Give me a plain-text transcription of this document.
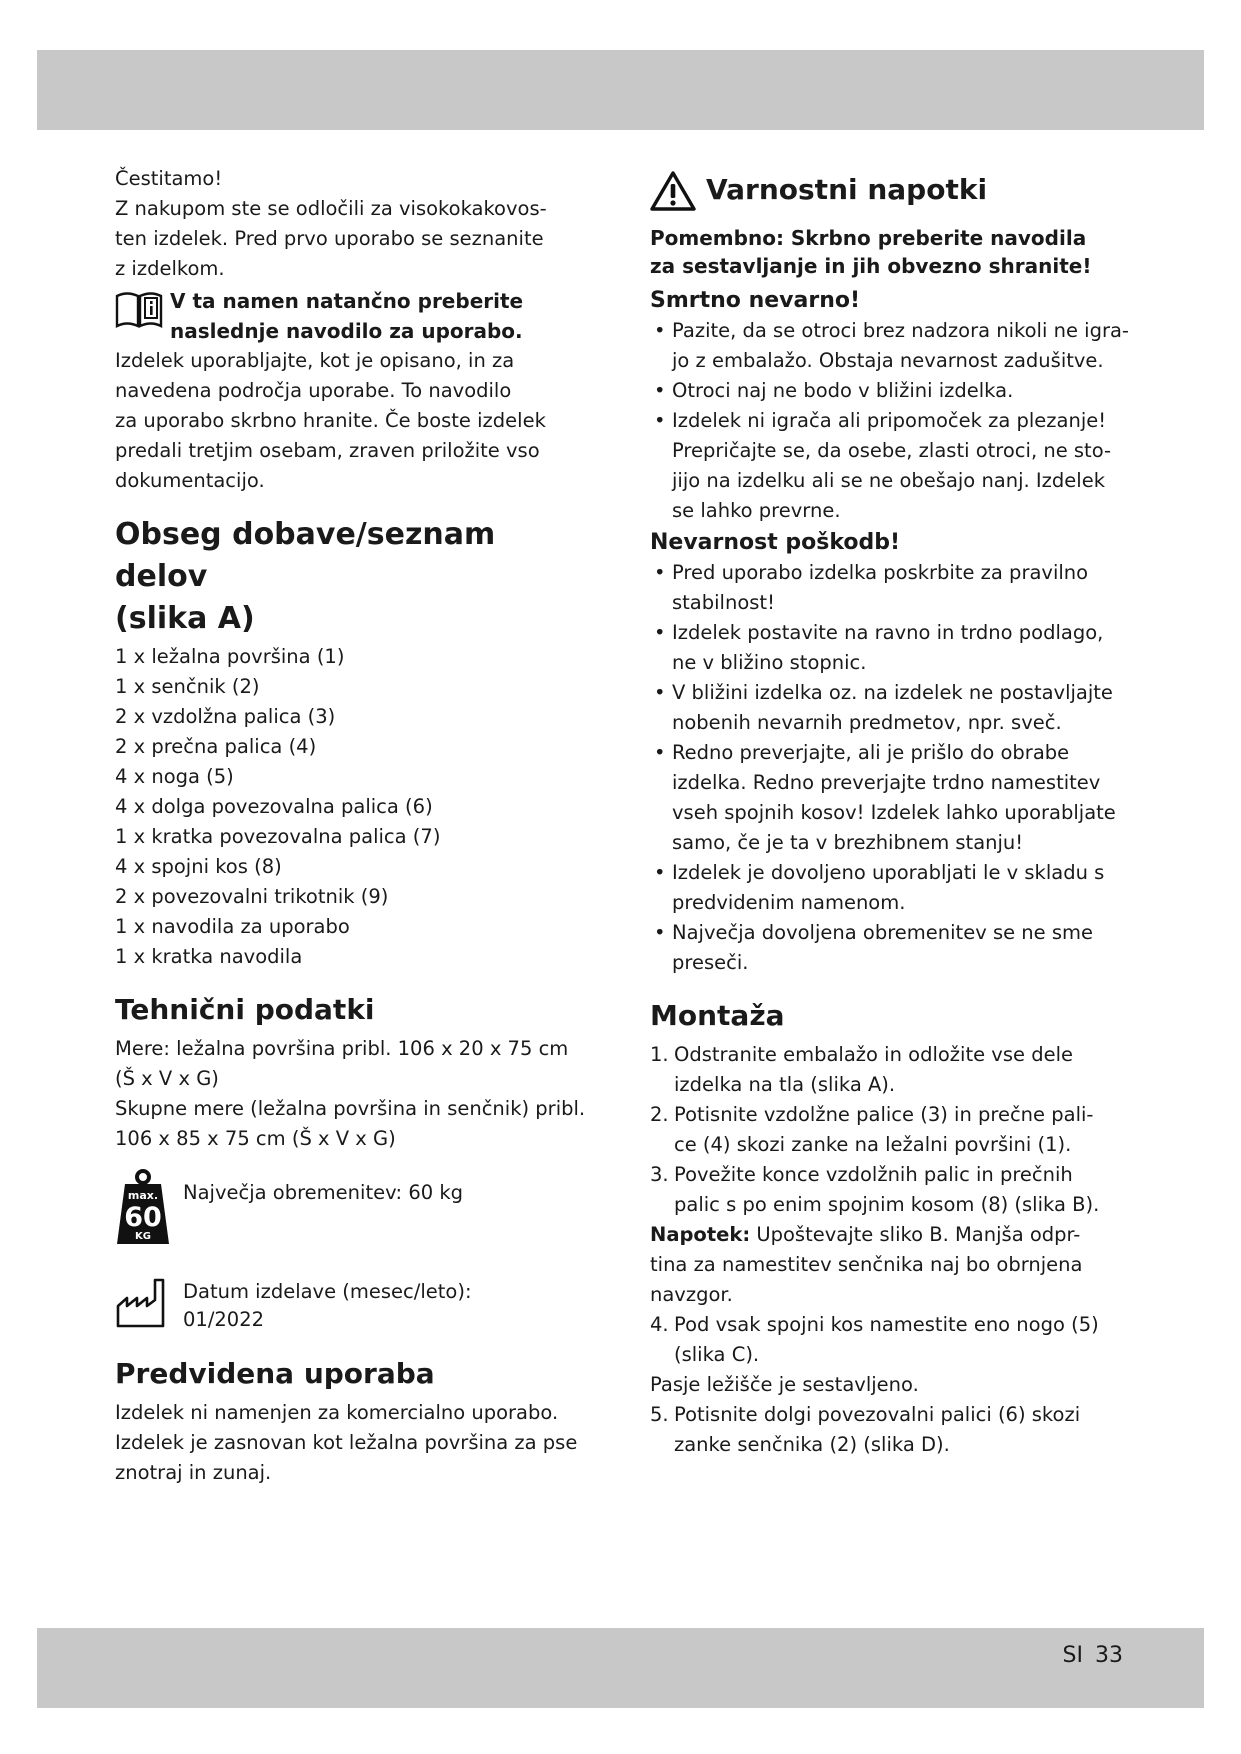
Čestitamo!

Z nakupom ste se odločili za visokokakovos-

ten izdelek. Pred prvo uporabo se seznanite

z izdelkom.

V ta namen natančno preberite

naslednje navodilo za uporabo.

Izdelek uporabljajte, kot je opisano, in za

navedena področja uporabe. To navodilo

za uporabo skrbno hranite. Če boste izdelek

predali tretjim osebam, zraven priložite vso

dokumentacijo.

Obseg dobave/seznam delov
(slika A)
1 x ležalna površina (1)
1 x senčnik (2)
2 x vzdolžna palica (3)
2 x prečna palica (4)
4 x noga (5)
4 x dolga povezovalna palica (6)
1 x kratka povezovalna palica (7)
4 x spojni kos (8)
2 x povezovalni trikotnik (9)
1 x navodila za uporabo
1 x kratka navodila
Tehnični podatki

Mere: ležalna površina pribl. 106 x 20 x 75 cm

(Š x V x G)

Skupne mere (ležalna površina in senčnik) pribl.

106 x 85 x 75 cm (Š x V x G)

max.
60
KG

Največja obremenitev: 60 kg

Datum izdelave (mesec/leto):

01/2022

Predvidena uporaba

Izdelek ni namenjen za komercialno uporabo.

Izdelek je zasnovan kot ležalna površina za pse

znotraj in zunaj.

Varnostni napotki

Pomembno: Skrbno preberite navodila

za sestavljanje in jih obvezno shranite!

Smrtno nevarno!
• Pazite, da se otroci brez nadzora nikoli ne igra-
jo z embalažo. Obstaja nevarnost zadušitve.
• Otroci naj ne bodo v bližini izdelka.
• Izdelek ni igrača ali pripomoček za plezanje!
Prepričajte se, da osebe, zlasti otroci, ne sto-
jijo na izdelku ali se ne obešajo nanj. Izdelek
se lahko prevrne.
Nevarnost poškodb!
• Pred uporabo izdelka poskrbite za pravilno
stabilnost!
• Izdelek postavite na ravno in trdno podlago,
ne v bližino stopnic.
• V bližini izdelka oz. na izdelek ne postavljajte
nobenih nevarnih predmetov, npr. sveč.
• Redno preverjajte, ali je prišlo do obrabe
izdelka. Redno preverjajte trdno namestitev
vseh spojnih kosov! Izdelek lahko uporabljate
samo, če je ta v brezhibnem stanju!
• Izdelek je dovoljeno uporabljati le v skladu s
predvidenim namenom.
• Največja dovoljena obremenitev se ne sme
preseči.
Montaža
1. Odstranite embalažo in odložite vse dele
izdelka na tla (slika A).
2. Potisnite vzdolžne palice (3) in prečne pali-
ce (4) skozi zanke na ležalni površini (1).
3. Povežite konce vzdolžnih palic in prečnih
palic s po enim spojnim kosom (8) (slika B).

Napotek: Upoštevajte sliko B. Manjša odpr-

tina za namestitev senčnika naj bo obrnjena

navzgor.

4. Pod vsak spojni kos namestite eno nogo (5)
(slika C).

Pasje ležišče je sestavljeno.

5. Potisnite dolgi povezovalni palici (6) skozi
zanke senčnika (2) (slika D).
SI 33
